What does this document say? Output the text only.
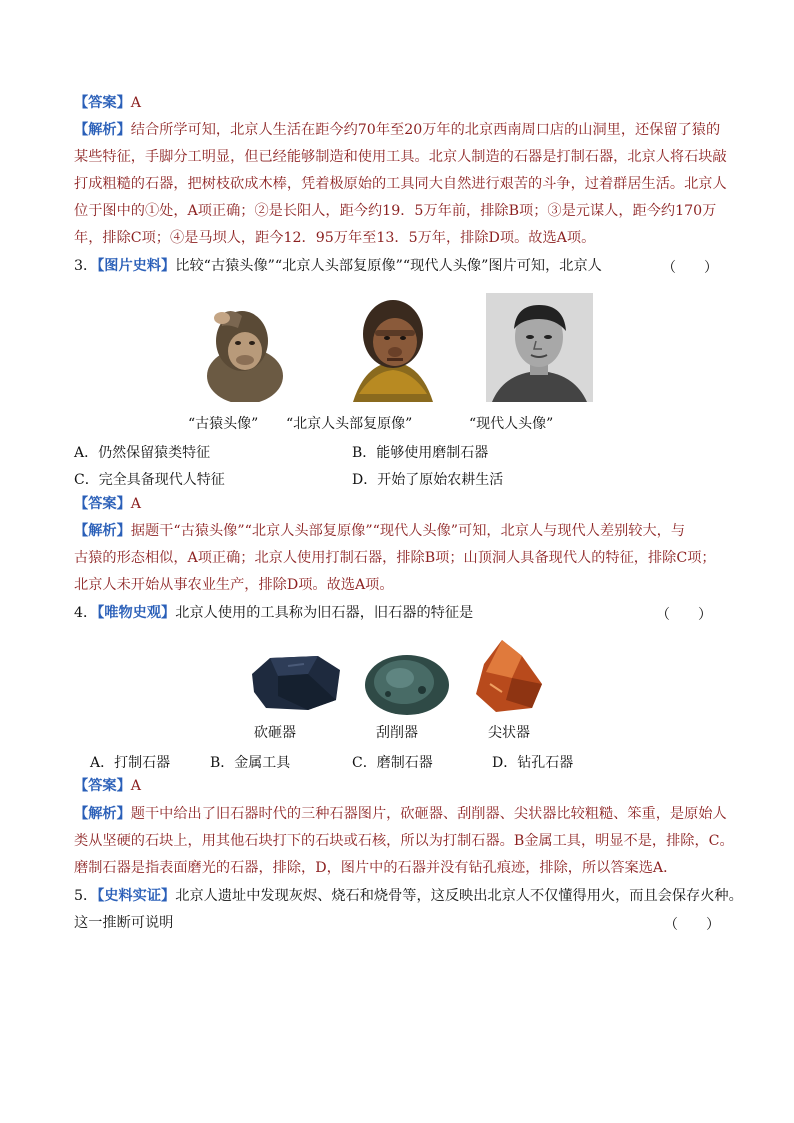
【答案】A
【解析】结合所学可知，北京人生活在距今约70年至20万年的北京西南周口店的山洞里，还保留了猿的
某些特征，手脚分工明显，但已经能够制造和使用工具。北京人制造的石器是打制石器，北京人将石块敲
打成粗糙的石器，把树枝砍成木棒，凭着极原始的工具同大自然进行艰苦的斗争，过着群居生活。北京人
位于图中的①处，A项正确；②是长阳人，距今约19．5万年前，排除B项；③是元谋人，距今约170万
年，排除C项；④是马坝人，距今12．95万年至13．5万年，排除D项。故选A项。
3．【图片史料】比较“古猿头像”“北京人头部复原像”“现代人头像”图片可知，北京人	（　　）
“古猿头像” “北京人头部复原像”	“现代人头像”
A．仍然保留猿类特征	B．能够使用磨制石器
C．完全具备现代人特征	D．开始了原始农耕生活
【答案】A
【解析】据题干“古猿头像”“北京人头部复原像”“现代人头像”可知，北京人与现代人差别较大，与
古猿的形态相似，A项正确；北京人使用打制石器，排除B项；山顶洞人具备现代人的特征，排除C项；
北京人未开始从事农业生产，排除D项。故选A项。
4．【唯物史观】北京人使用的工具称为旧石器，旧石器的特征是	（　　）
砍砸器	刮削器	尖状器
A．打制石器	B．金属工具	C．磨制石器	D．钻孔石器
【答案】A
【解析】题干中给出了旧石器时代的三种石器图片，砍砸器、刮削器、尖状器比较粗糙、笨重，是原始人
类从坚硬的石块上，用其他石块打下的石块或石核，所以为打制石器。B金属工具，明显不是，排除，C。
磨制石器是指表面磨光的石器，排除，D，图片中的石器并没有钻孔痕迹，排除，所以答案选A．
5．【史料实证】北京人遗址中发现灰烬、烧石和烧骨等，这反映出北京人不仅懂得用火，而且会保存火种。
这一推断可说明	（　　）
